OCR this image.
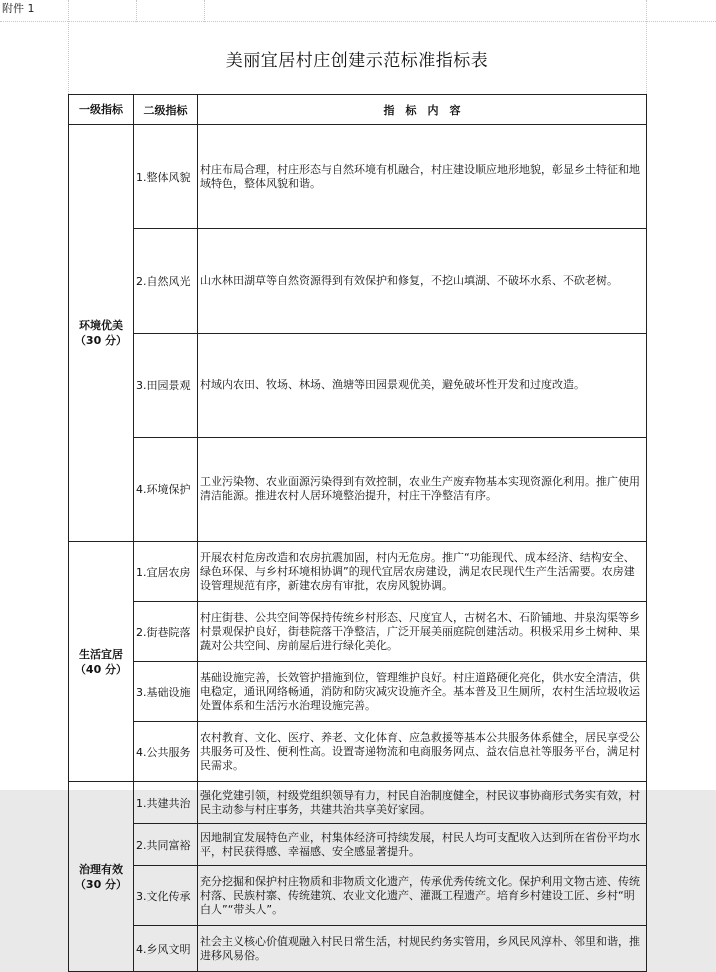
附件 1
美丽宜居村庄创建示范标准指标表
一级指标	二级指标	指　标　内　容

环境优美
（30 分）	1.整体风貌	村庄布局合理，村庄形态与自然环境有机融合，村庄建设顺应地形地貌，彰显乡土特征和地域特色，整体风貌和谐。
	2.自然风光	山水林田湖草等自然资源得到有效保护和修复，不挖山填湖、不破坏水系、不砍老树。
	3.田园景观	村域内农田、牧场、林场、渔塘等田园景观优美，避免破坏性开发和过度改造。
	4.环境保护	工业污染物、农业面源污染得到有效控制，农业生产废弃物基本实现资源化利用。推广使用清洁能源。推进农村人居环境整治提升，村庄干净整洁有序。

生活宜居
（40 分）	1.宜居农房	开展农村危房改造和农房抗震加固，村内无危房。推广“功能现代、成本经济、结构安全、绿色环保、与乡村环境相协调”的现代宜居农房建设，满足农民现代生产生活需要。农房建设管理规范有序，新建农房有审批，农房风貌协调。
	2.街巷院落	村庄街巷、公共空间等保持传统乡村形态、尺度宜人，古树名木、石阶铺地、井泉沟渠等乡村景观保护良好，街巷院落干净整洁，广泛开展美丽庭院创建活动。积极采用乡土树种、果蔬对公共空间、房前屋后进行绿化美化。
	3.基础设施	基础设施完善，长效管护措施到位，管理维护良好。村庄道路硬化亮化，供水安全清洁，供电稳定，通讯网络畅通，消防和防灾减灾设施齐全。基本普及卫生厕所，农村生活垃圾收运处置体系和生活污水治理设施完善。
	4.公共服务	农村教育、文化、医疗、养老、文化体育、应急救援等基本公共服务体系健全，居民享受公共服务可及性、便利性高。设置寄递物流和电商服务网点、益农信息社等服务平台，满足村民需求。

治理有效
（30 分）	1.共建共治	强化党建引领，村级党组织领导有力，村民自治制度健全，村民议事协商形式务实有效，村民主动参与村庄事务，共建共治共享美好家园。
	2.共同富裕	因地制宜发展特色产业，村集体经济可持续发展，村民人均可支配收入达到所在省份平均水平，村民获得感、幸福感、安全感显著提升。
	3.文化传承	充分挖掘和保护村庄物质和非物质文化遗产，传承优秀传统文化。保护利用文物古迹、传统村落、民族村寨、传统建筑、农业文化遗产、灌溉工程遗产。培育乡村建设工匠、乡村“明白人”“带头人”。
	4.乡风文明	社会主义核心价值观融入村民日常生活，村规民约务实管用，乡风民风淳朴、邻里和谐，推进移风易俗。
